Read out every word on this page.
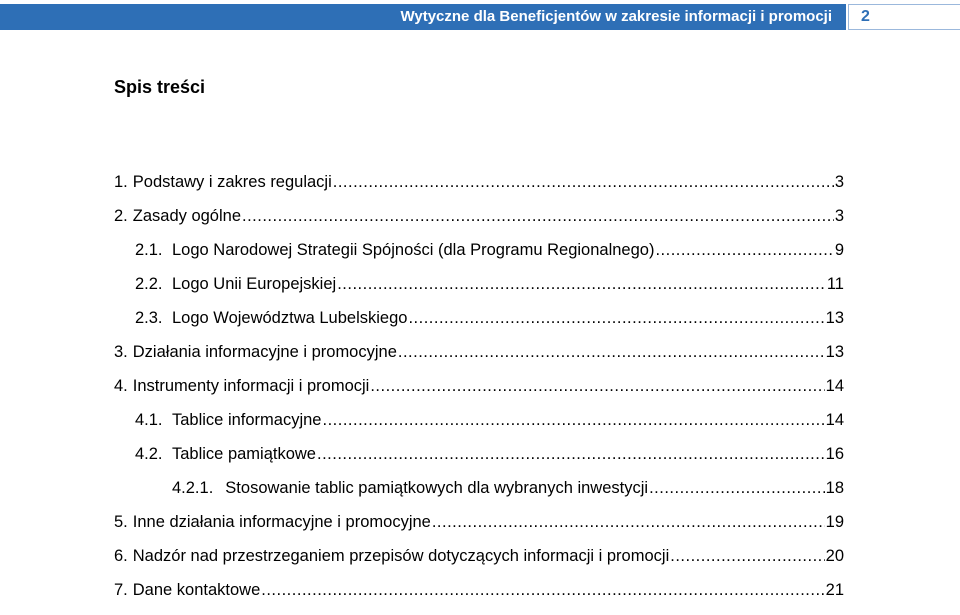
Wytyczne dla Beneficjentów w zakresie informacji i promocji 2
Spis treści
1. Podstawy i zakres regulacji .....	3
2. Zasady ogólne .....	3
2.1. Logo Narodowej Strategii Spójności (dla Programu Regionalnego) .....	9
2.2. Logo Unii Europejskiej .....	11
2.3. Logo Województwa Lubelskiego .....	13
3. Działania informacyjne i promocyjne .....	13
4. Instrumenty informacji i promocji .....	14
4.1. Tablice informacyjne .....	14
4.2. Tablice pamiątkowe .....	16
4.2.1. Stosowanie tablic pamiątkowych dla wybranych inwestycji .....	18
5. Inne działania informacyjne i promocyjne .....	19
6. Nadzór nad przestrzeganiem przepisów dotyczących informacji i promocji .....	20
7. Dane kontaktowe .....	21
